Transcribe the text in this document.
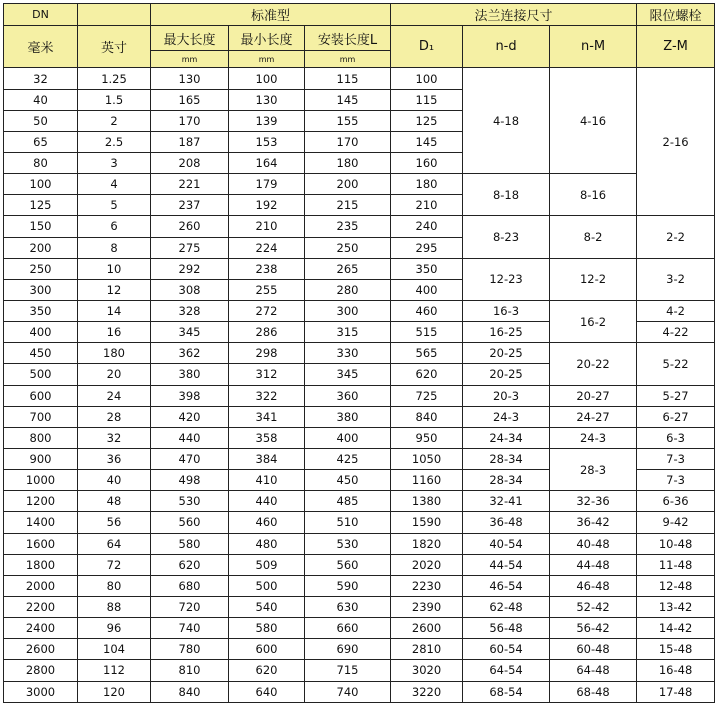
DN		标准型			法兰连接尺寸			限位螺栓
毫米	英寸	最大长度	最小长度	安装长度L	D₁	n-d	n-M	Z-M
		mm	mm	mm				
32	1.25	130	100	115	100	4-18	4-16	2-16
40	1.5	165	130	145	115			
50	2	170	139	155	125			
65	2.5	187	153	170	145			
80	3	208	164	180	160			
100	4	221	179	200	180	8-18	8-16	
125	5	237	192	215	210			
150	6	260	210	235	240	8-23	8-2	2-2
200	8	275	224	250	295			
250	10	292	238	265	350	12-23	12-2	3-2
300	12	308	255	280	400			
350	14	328	272	300	460	16-3	16-2	4-2
400	16	345	286	315	515	16-25		4-22
450	180	362	298	330	565	20-25	20-22	5-22
500	20	380	312	345	620	20-25		
600	24	398	322	360	725	20-3	20-27	5-27
700	28	420	341	380	840	24-3	24-27	6-27
800	32	440	358	400	950	24-34	24-3	6-3
900	36	470	384	425	1050	28-34	28-3	7-3
1000	40	498	410	450	1160	28-34		7-3
1200	48	530	440	485	1380	32-41	32-36	6-36
1400	56	560	460	510	1590	36-48	36-42	9-42
1600	64	580	480	530	1820	40-54	40-48	10-48
1800	72	620	509	560	2020	44-54	44-48	11-48
2000	80	680	500	590	2230	46-54	46-48	12-48
2200	88	720	540	630	2390	62-48	52-42	13-42
2400	96	740	580	660	2600	56-48	56-42	14-42
2600	104	780	600	690	2810	60-54	60-48	15-48
2800	112	810	620	715	3020	64-54	64-48	16-48
3000	120	840	640	740	3220	68-54	68-48	17-48
